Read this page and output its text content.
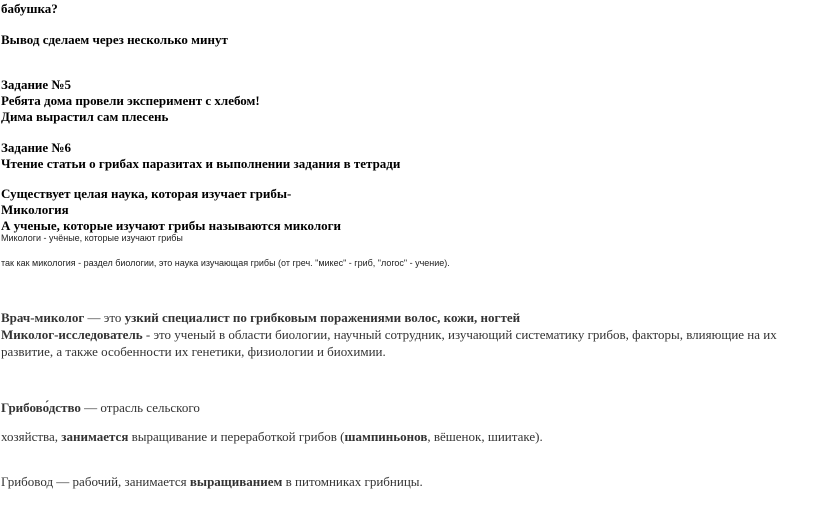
бабушка?
Вывод сделаем через несколько минут
Задание №5
Ребята дома провели эксперимент с хлебом!
Дима вырастил сам плесень
Задание №6
Чтение статьи о грибах паразитах и выполнении задания в тетради
Существует целая наука, которая изучает грибы-
Микология
А ученые, которые изучают грибы называются микологи
Микологи - учёные, которые изучают грибы
так как микология - раздел биологии, это наука изучающая грибы (от греч. "микес" - гриб, "логос" - учение).
Врач-миколог — это узкий специалист по грибковым поражениями волос, кожи, ногтей
Миколог-исследователь - это ученый в области биологии, научный сотрудник, изучающий систематику грибов, факторы, влияющие на их
развитие, а также особенности их генетики, физиологии и биохимии.
Грибово́дство — отрасль сельского
хозяйства, занимается выращивание и переработкой грибов (шампиньонов, вёшенок, шиитаке).
Грибовод — рабочий, занимается выращиванием в питомниках грибницы.
